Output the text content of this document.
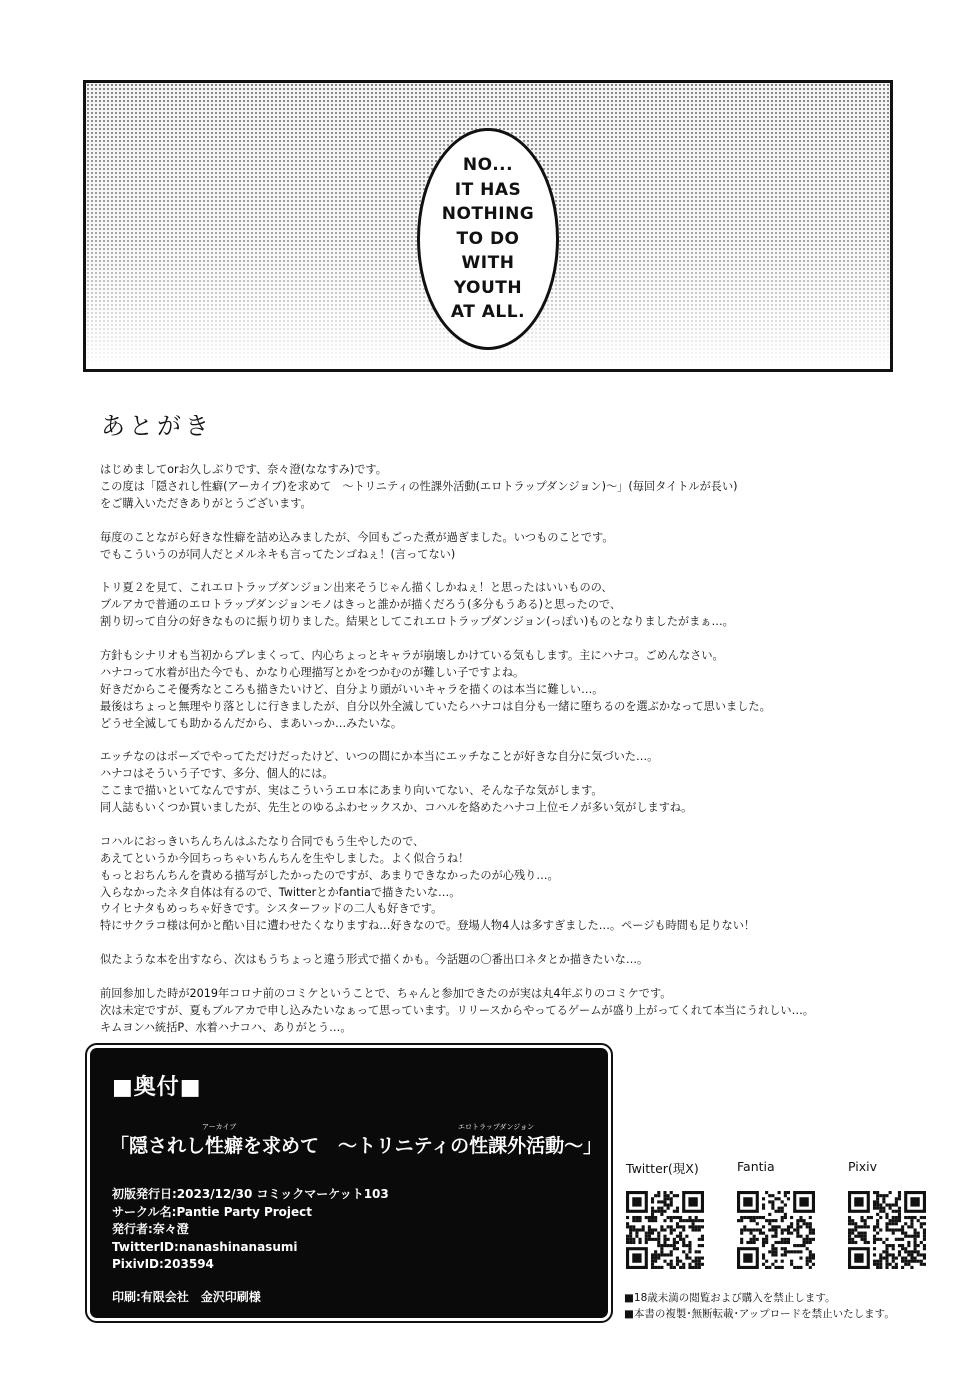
NO...
IT HAS
NOTHING
TO DO
WITH
YOUTH
AT ALL.
あとがき
はじめましてorお久しぶりです、奈々澄(ななすみ)です。
この度は「隠されし性癖(アーカイブ)を求めて　～トリニティの性課外活動(エロトラップダンジョン)～」(毎回タイトルが長い)
をご購入いただきありがとうございます。
毎度のことながら好きな性癖を詰め込みましたが、今回もごった煮が過ぎました。いつものことです。
でもこういうのが同人だとメルネキも言ってたンゴねぇ！(言ってない)
トリ夏２を見て、これエロトラップダンジョン出来そうじゃん描くしかねぇ！と思ったはいいものの、
ブルアカで普通のエロトラップダンジョンモノはきっと誰かが描くだろう(多分もうある)と思ったので、
割り切って自分の好きなものに振り切りました。結果としてこれエロトラップダンジョン(っぽい)ものとなりましたがまぁ…。
方針もシナリオも当初からブレまくって、内心ちょっとキャラが崩壊しかけている気もします。主にハナコ。ごめんなさい。
ハナコって水着が出た今でも、かなり心理描写とかをつかむのが難しい子ですよね。
好きだからこそ優秀なところも描きたいけど、自分より頭がいいキャラを描くのは本当に難しい…。
最後はちょっと無理やり落としに行きましたが、自分以外全滅していたらハナコは自分も一緒に堕ちるのを選ぶかなって思いました。
どうせ全滅しても助かるんだから、まあいっか…みたいな。
エッチなのはポーズでやってただけだったけど、いつの間にか本当にエッチなことが好きな自分に気づいた…。
ハナコはそういう子です、多分、個人的には。
ここまで描いといてなんですが、実はこういうエロ本にあまり向いてない、そんな子な気がします。
同人誌もいくつか買いましたが、先生とのゆるふわセックスか、コハルを絡めたハナコ上位モノが多い気がしますね。
コハルにおっきいちんちんはふたなり合同でもう生やしたので、
あえてというか今回ちっちゃいちんちんを生やしました。よく似合うね！
もっとおちんちんを責める描写がしたかったのですが、あまりできなかったのが心残り…。
入らなかったネタ自体は有るので、Twitterとかfantiaで描きたいな…。
ウイヒナタもめっちゃ好きです。シスターフッドの二人も好きです。
特にサクラコ様は何かと酷い目に遭わせたくなりますね…好きなので。登場人物4人は多すぎました…。ページも時間も足りない！
似たような本を出すなら、次はもうちょっと違う形式で描くかも。今話題の〇番出口ネタとか描きたいな…。
前回参加した時が2019年コロナ前のコミケということで、ちゃんと参加できたのが実は丸4年ぶりのコミケです。
次は未定ですが、夏もブルアカで申し込みたいなぁって思っています。リリースからやってるゲームが盛り上がってくれて本当にうれしい…。
キムヨンハ統括P、水着ハナコハ、ありがとう…。
■奥付■
アーカイブ	エロトラップダンジョン
「隠されし性癖を求めて　～トリニティの性課外活動～」
初版発行日:2023/12/30 コミックマーケット103
サークル名:Pantie Party Project
発行者:奈々澄
TwitterID:nanashinanasumi
PixivID:203594
印刷:有限会社　金沢印刷様
Twitter(現X)	Fantia	Pixiv
■18歳未満の閲覧および購入を禁止します。
■本書の複製･無断転載･アップロードを禁止いたします。
